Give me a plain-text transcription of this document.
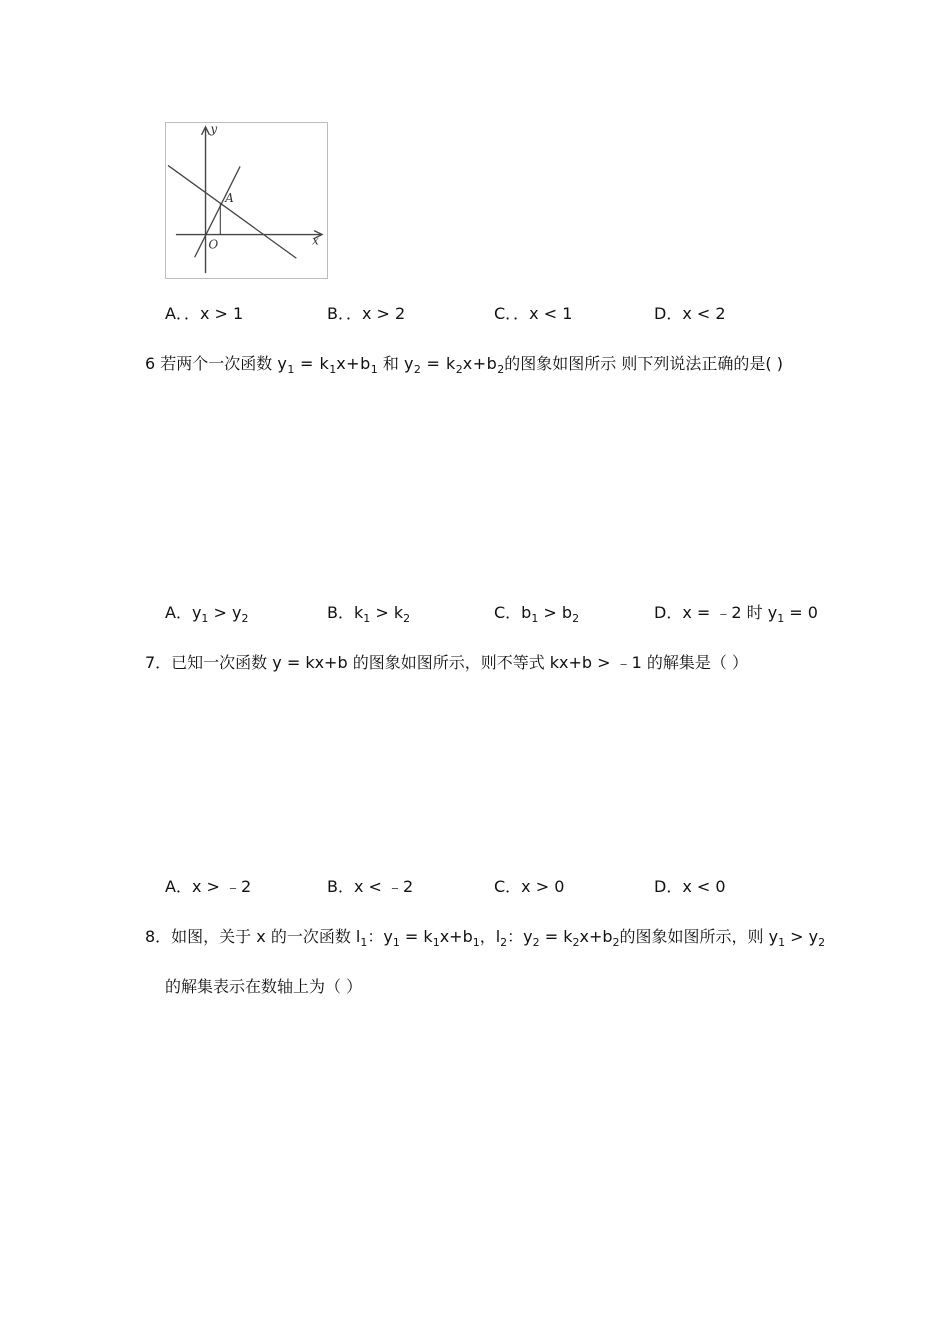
y
x
O
A
A．．x > 1	B．．x > 2	C．．x < 1	D．x < 2
6 若两个一次函数 $y_1 = k_1x+b_1$ 和 $y_2 = k_2x+b_2$的图象如图所示 则下列说法正确的是( )
A．$y_1 > y_2$	B．$k_1 > k_2$	C．$b_1 > b_2$	D．x = ﹣2 时 $y_1 = 0$
7．已知一次函数 y = kx+b 的图象如图所示，则不等式 kx+b > ﹣1 的解集是（ ）
A．x > ﹣2	B．x < ﹣2	C．x > 0	D．x < 0
8．如图，关于 x 的一次函数 $l_1$：$y_1 = k_1x+b_1$，$l_2$：$y_2 = k_2x+b_2$的图象如图所示，则 $y_1 > y_2$
的解集表示在数轴上为（ ）
